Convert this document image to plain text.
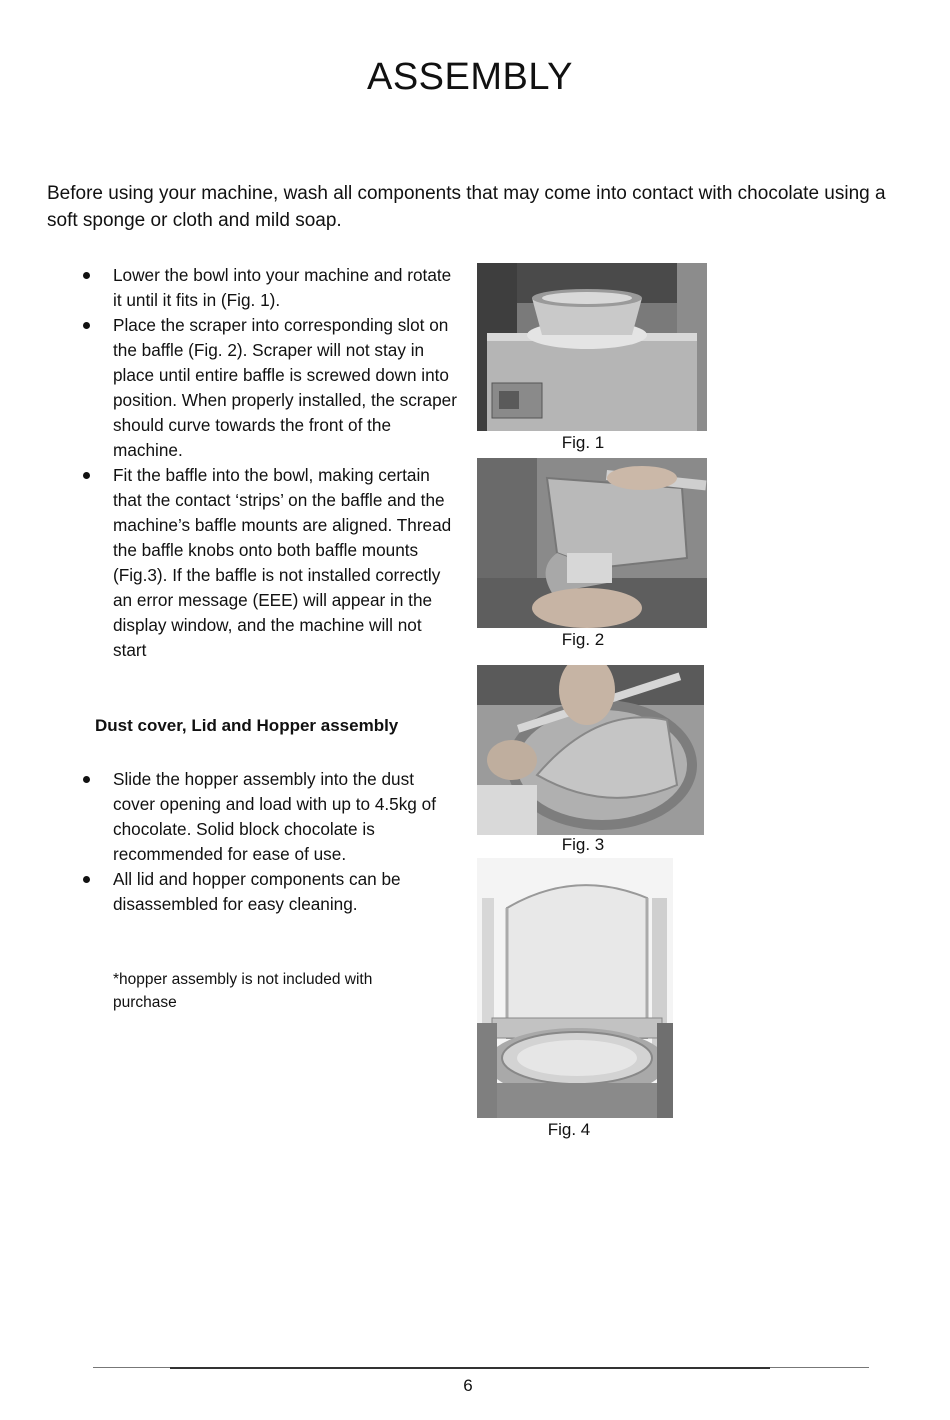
ASSEMBLY
Before using your machine, wash all components that may come into contact with chocolate using a soft sponge or cloth and mild soap.
Lower the bowl into your machine and rotate it until it fits in (Fig. 1).
Place the scraper into corresponding slot on the baffle (Fig. 2). Scraper will not stay in place until entire baffle is screwed down into position. When properly installed, the scraper should curve towards the front of the machine.
Fit the baffle into the bowl, making certain that the contact ‘strips’ on the baffle and the machine’s baffle mounts are aligned. Thread the baffle knobs onto both baffle mounts (Fig.3). If the baffle is not installed correctly an error message (EEE) will appear in the display window, and the machine will not start
Dust cover, Lid and Hopper assembly
Slide the hopper assembly into the dust cover opening and load with up to 4.5kg of chocolate. Solid block chocolate is recommended for ease of use.
All lid and hopper components can be disassembled for easy cleaning.
*hopper assembly is not included with purchase
Fig. 1
Fig. 2
Fig. 3
Fig. 4
6
